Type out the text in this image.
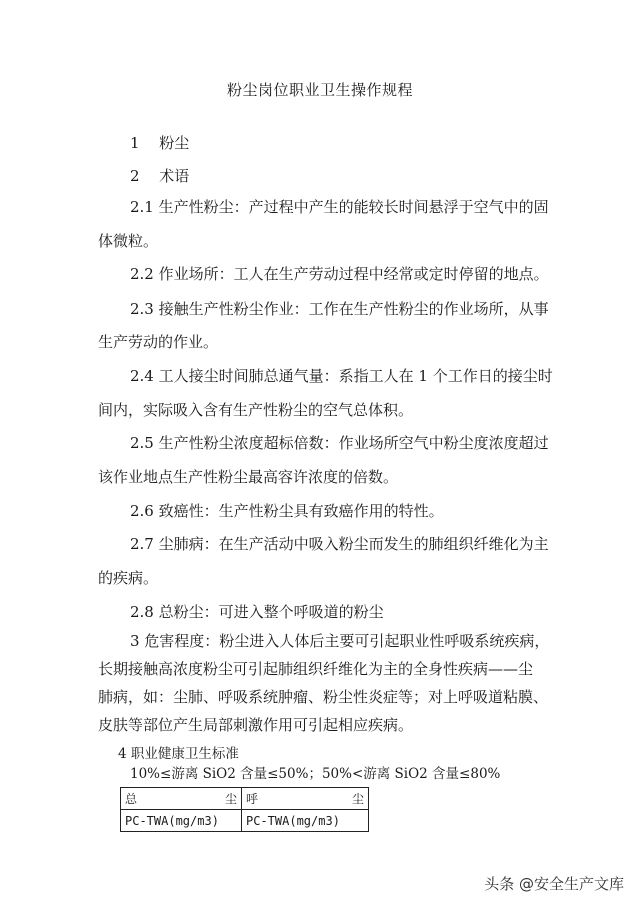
粉尘岗位职业卫生操作规程
1　 粉尘
2　 术语
2.1 生产性粉尘：产过程中产生的能较长时间悬浮于空气中的固
体微粒。
2.2 作业场所：工人在生产劳动过程中经常或定时停留的地点。
2.3 接触生产性粉尘作业：工作在生产性粉尘的作业场所，从事
生产劳动的作业。
2.4 工人接尘时间肺总通气量：系指工人在 1 个工作日的接尘时
间内，实际吸入含有生产性粉尘的空气总体积。
2.5 生产性粉尘浓度超标倍数：作业场所空气中粉尘度浓度超过
该作业地点生产性粉尘最高容许浓度的倍数。
2.6 致癌性：生产性粉尘具有致癌作用的特性。
2.7 尘肺病：在生产活动中吸入粉尘而发生的肺组织纤维化为主
的疾病。
2.8 总粉尘：可进入整个呼吸道的粉尘
3 危害程度：粉尘进入人体后主要可引起职业性呼吸系统疾病，
长期接触高浓度粉尘可引起肺组织纤维化为主的全身性疾病——尘
肺病，如：尘肺、呼吸系统肿瘤、粉尘性炎症等；对上呼吸道粘膜、
皮肤等部位产生局部刺激作用可引起相应疾病。
4 职业健康卫生标准
10%≤游离 SiO2 含量≤50%；50%<游离 SiO2 含量≤80%
总 尘	呼 尘

PC-TWA(mg/m3)	PC-TWA(mg/m3)
头条 @安全生产文库
